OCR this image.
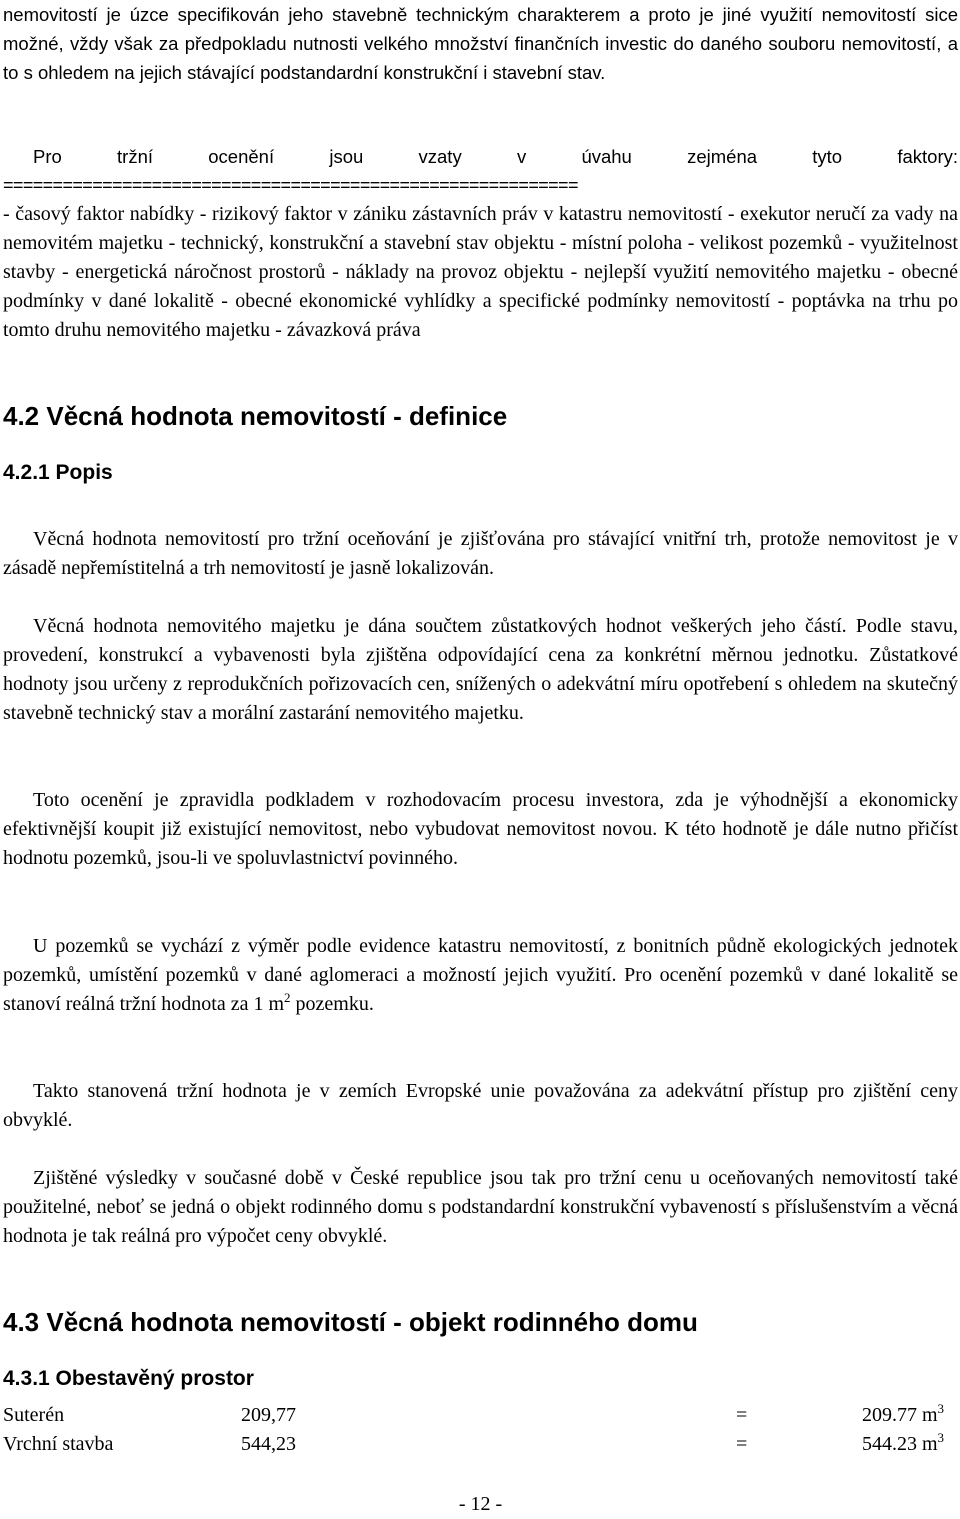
nemovitostí je úzce specifikován jeho stavebně technickým charakterem a proto je jiné využití nemovitostí sice možné, vždy však za předpokladu nutnosti velkého množství finančních investic do daného souboru nemovitostí, a to s ohledem na jejich stávající podstandardní konstrukční i stavební stav.
Pro tržní ocenění jsou vzaty v úvahu zejména tyto faktory:
==========================================================
- časový faktor nabídky - rizikový faktor v zániku zástavních práv v katastru nemovitostí - exekutor neručí za vady na nemovitém majetku - technický, konstrukční a stavební stav objektu - místní poloha - velikost pozemků - využitelnost stavby - energetická náročnost prostorů - náklady na provoz objektu - nejlepší využití nemovitého majetku - obecné podmínky v dané lokalitě - obecné ekonomické vyhlídky a specifické podmínky nemovitostí - poptávka na trhu po tomto druhu nemovitého majetku - závazková práva
4.2 Věcná hodnota nemovitostí - definice
4.2.1 Popis
Věcná hodnota nemovitostí pro tržní oceňování je zjišťována pro stávající vnitřní trh, protože nemovitost je v zásadě nepřemístitelná a trh nemovitostí je jasně lokalizován.
Věcná hodnota nemovitého majetku je dána součtem zůstatkových hodnot veškerých jeho částí. Podle stavu, provedení, konstrukcí a vybavenosti byla zjištěna odpovídající cena za konkrétní měrnou jednotku. Zůstatkové hodnoty jsou určeny z reprodukčních pořizovacích cen, snížených o adekvátní míru opotřebení s ohledem na skutečný stavebně technický stav a morální zastarání nemovitého majetku.
Toto ocenění je zpravidla podkladem v rozhodovacím procesu investora, zda je výhodnější a ekonomicky efektivnější koupit již existující nemovitost, nebo vybudovat nemovitost novou. K této hodnotě je dále nutno přičíst hodnotu pozemků, jsou-li ve spoluvlastnictví povinného.
U pozemků se vychází z výměr podle evidence katastru nemovitostí, z bonitních půdně ekologických jednotek pozemků, umístění pozemků v dané aglomeraci a možností jejich využití. Pro ocenění pozemků v dané lokalitě se stanoví reálná tržní hodnota za 1 $m^2$ pozemku.
Takto stanovená tržní hodnota je v zemích Evropské unie považována za adekvátní přístup pro zjištění ceny obvyklé.
Zjištěné výsledky v současné době v České republice jsou tak pro tržní cenu u oceňovaných nemovitostí také použitelné, neboť se jedná o objekt rodinného domu s podstandardní konstrukční vybaveností s příslušenstvím a věcná hodnota je tak reálná pro výpočet ceny obvyklé.
4.3 Věcná hodnota nemovitostí - objekt rodinného domu
4.3.1 Obestavěný prostor
Suterén	209,77	=	209.77 $m^3$
Vrchní stavba	544,23	=	544.23 $m^3$
- 12 -
